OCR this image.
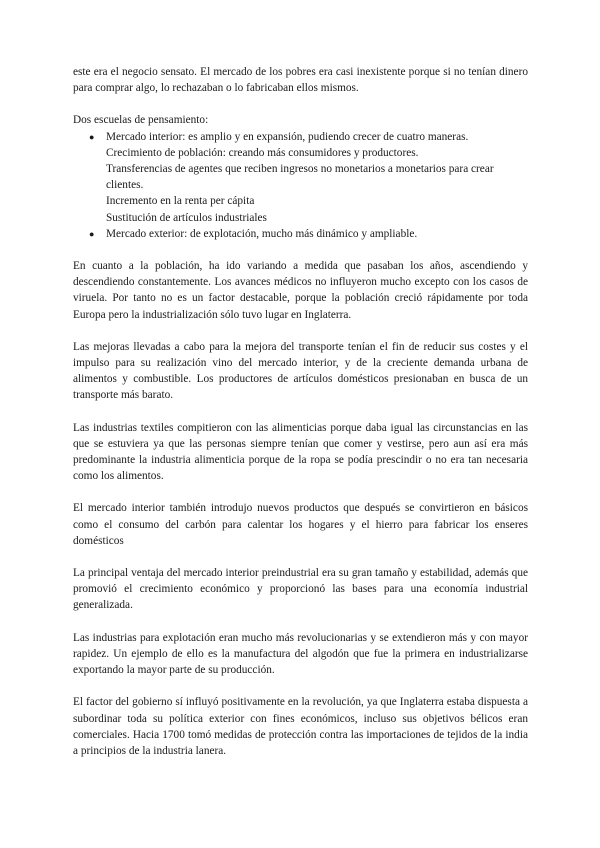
este era el negocio sensato. El mercado de los pobres era casi inexistente porque si no tenían dinero para comprar algo, lo rechazaban o lo fabricaban ellos mismos.

Dos escuelas de pensamiento:

● Mercado interior: es amplio y en expansión, pudiendo crecer de cuatro maneras.
Crecimiento de población: creando más consumidores y productores.
Transferencias de agentes que reciben ingresos no monetarios a monetarios para crear clientes.
Incremento en la renta per cápita
Sustitución de artículos industriales
● Mercado exterior: de explotación, mucho más dinámico y ampliable.

En cuanto a la población, ha ido variando a medida que pasaban los años, ascendiendo y descendiendo constantemente. Los avances médicos no influyeron mucho excepto con los casos de viruela. Por tanto no es un factor destacable, porque la población creció rápidamente por toda Europa pero la industrialización sólo tuvo lugar en Inglaterra.

Las mejoras llevadas a cabo para la mejora del transporte tenían el fin de reducir sus costes y el impulso para su realización vino del mercado interior, y de la creciente demanda urbana de alimentos y combustible. Los productores de artículos domésticos presionaban en busca de un transporte más barato.

Las industrias textiles compitieron con las alimenticias porque daba igual las circunstancias en las que se estuviera ya que las personas siempre tenían que comer y vestirse, pero aun así era más predominante la industria alimenticia porque de la ropa se podía prescindir o no era tan necesaria como los alimentos.

El mercado interior también introdujo nuevos productos que después se convirtieron en básicos como el consumo del carbón para calentar los hogares y el hierro para fabricar los enseres domésticos

La principal ventaja del mercado interior preindustrial era su gran tamaño y estabilidad, además que promovió el crecimiento económico y proporcionó las bases para una economía industrial generalizada.

Las industrias para explotación eran mucho más revolucionarias y se extendieron más y con mayor rapidez. Un ejemplo de ello es la manufactura del algodón que fue la primera en industrializarse exportando la mayor parte de su producción.

El factor del gobierno sí influyó positivamente en la revolución, ya que Inglaterra estaba dispuesta a subordinar toda su política exterior con fines económicos, incluso sus objetivos bélicos eran comerciales. Hacia 1700 tomó medidas de protección contra las importaciones de tejidos de la india a principios de la industria lanera.
